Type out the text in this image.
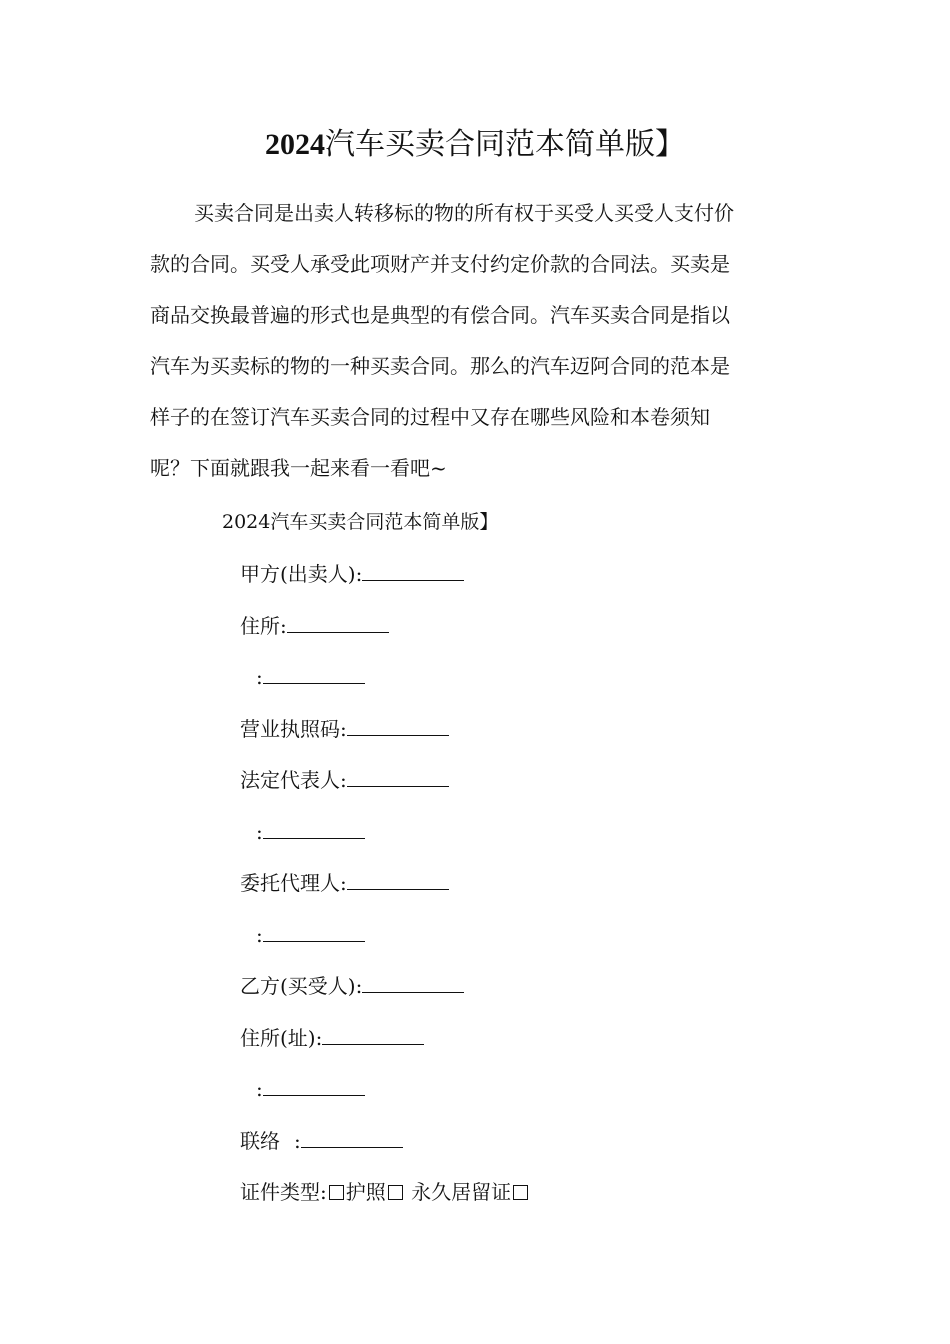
2024汽车买卖合同范本简单版】

买卖合同是出卖人转移标的物的所有权于买受人买受人支付价
款的合同。买受人承受此项财产并支付约定价款的合同法。买卖是
商品交换最普遍的形式也是典型的有偿合同。汽车买卖合同是指以
汽车为买卖标的物的一种买卖合同。那么的汽车迈阿合同的范本是
样子的在签订汽车买卖合同的过程中又存在哪些风险和本卷须知
呢？下面就跟我一起来看一看吧~

2024汽车买卖合同范本简单版】

甲方(出卖人):
住所:
:
营业执照码:
法定代表人:
:
委托代理人:
:
乙方(买受人):
住所(址):
:
联络 :
证件类型: 护照 永久居留证
